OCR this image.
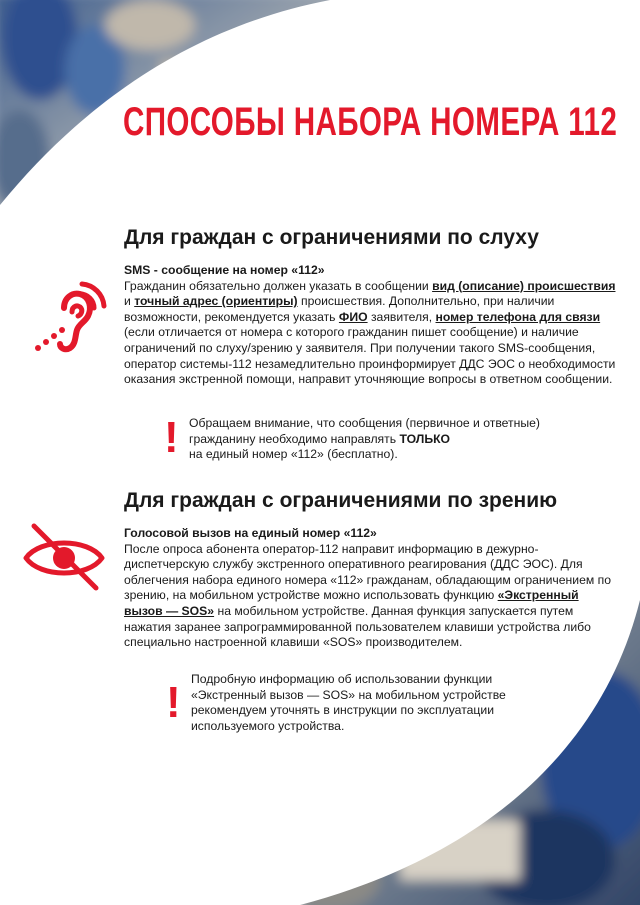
СПОСОБЫ НАБОРА НОМЕРА 112
Для граждан с ограничениями по слуху
SMS - сообщение на номер «112»
Гражданин обязательно должен указать в сообщении вид (описание) происшествия и точный адрес (ориентиры) происшествия. Дополнительно, при наличии возможности, рекомендуется указать ФИО заявителя, номер телефона для связи (если отличается от номера с которого гражданин пишет сообщение) и наличие ограничений по слуху/зрению у заявителя. При получении такого SMS-сообщения, оператор системы-112 незамедлительно проинформирует ДДС ЭОС о необходимости оказания экстренной помощи, направит уточняющие вопросы в ответном сообщении.
! Обращаем внимание, что сообщения (первичное и ответные)
гражданину необходимо направлять ТОЛЬКО
на единый номер «112» (бесплатно).
Для граждан с ограничениями по зрению
Голосовой вызов на единый номер «112»
После опроса абонента оператор-112 направит информацию в дежурно-диспетчерскую службу экстренного оперативного реагирования (ДДС ЭОС). Для облегчения набора единого номера «112» гражданам, обладающим ограничением по зрению, на мобильном устройстве можно использовать функцию «Экстренный вызов — SOS» на мобильном устройстве. Данная функция запускается путем нажатия заранее запрограммированной пользователем клавиши устройства либо специально настроенной клавиши «SOS» производителем.
! Подробную информацию об использовании функции
«Экстренный вызов — SOS» на мобильном устройстве
рекомендуем уточнять в инструкции по эксплуатации
используемого устройства.
